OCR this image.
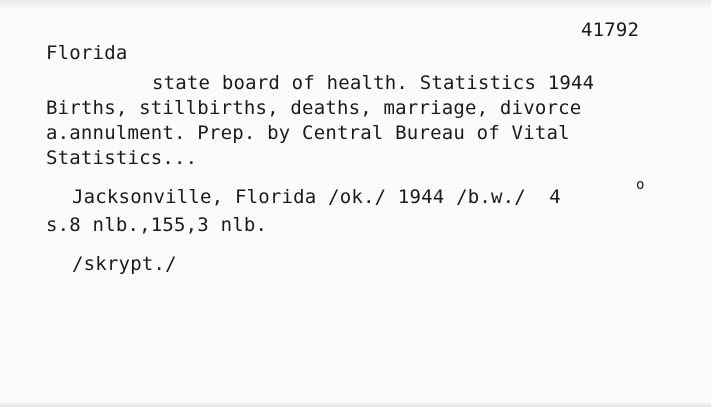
41792
Florida
state board of health. Statistics 1944
Births, stillbirths, deaths, marriage, divorce
a.annulment. Prep. by Central Bureau of Vital
Statistics...
Jacksonville, Florida /ok./ 1944 /b.w./  4
o
s.8 nlb.,155,3 nlb.
/skrypt./
